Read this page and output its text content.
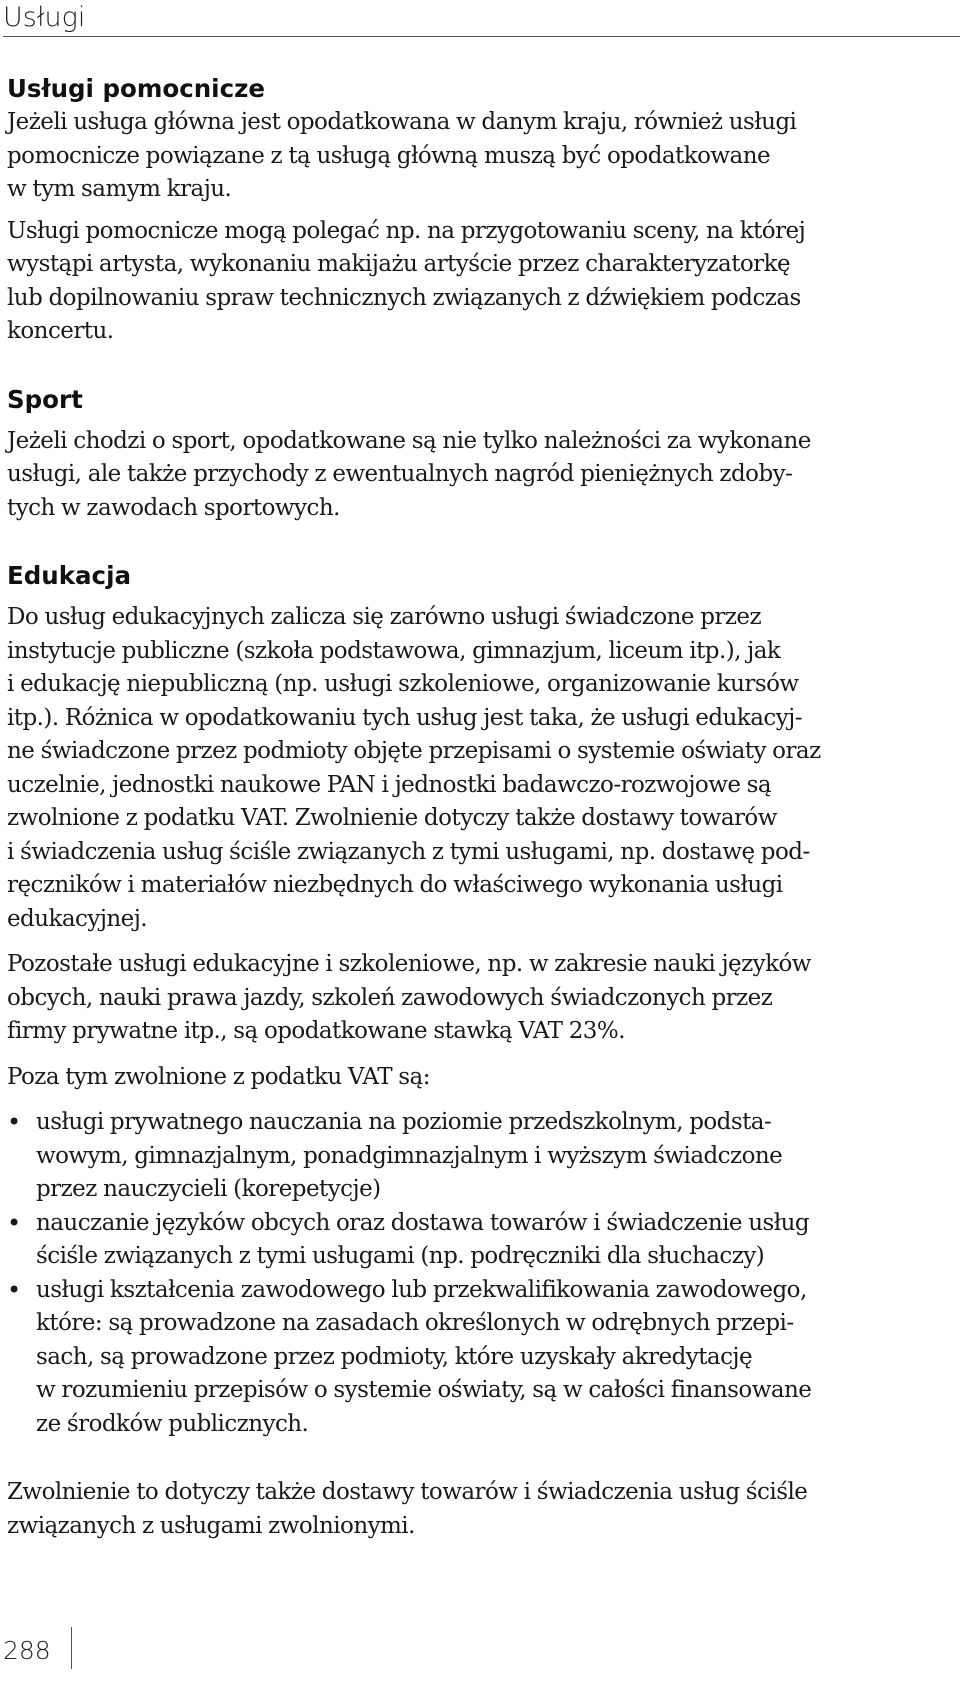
Usługi
Usługi pomocnicze

Jeżeli usługa główna jest opodatkowana w danym kraju, również usługi
pomocnicze powiązane z tą usługą główną muszą być opodatkowane
w tym samym kraju.

Usługi pomocnicze mogą polegać np. na przygotowaniu sceny, na której
wystąpi artysta, wykonaniu makijażu artyście przez charakteryzatorkę
lub dopilnowaniu spraw technicznych związanych z dźwiękiem podczas
koncertu.

Sport

Jeżeli chodzi o sport, opodatkowane są nie tylko należności za wykonane
usługi, ale także przychody z ewentualnych nagród pieniężnych zdoby-
tych w zawodach sportowych.

Edukacja

Do usług edukacyjnych zalicza się zarówno usługi świadczone przez
instytucje publiczne (szkoła podstawowa, gimnazjum, liceum itp.), jak
i edukację niepubliczną (np. usługi szkoleniowe, organizowanie kursów
itp.). Różnica w opodatkowaniu tych usług jest taka, że usługi edukacyj-
ne świadczone przez podmioty objęte przepisami o systemie oświaty oraz
uczelnie, jednostki naukowe PAN i jednostki badawczo-rozwojowe są
zwolnione z podatku VAT. Zwolnienie dotyczy także dostawy towarów
i świadczenia usług ściśle związanych z tymi usługami, np. dostawę pod-
ręczników i materiałów niezbędnych do właściwego wykonania usługi
edukacyjnej.

Pozostałe usługi edukacyjne i szkoleniowe, np. w zakresie nauki języków
obcych, nauki prawa jazdy, szkoleń zawodowych świadczonych przez
firmy prywatne itp., są opodatkowane stawką VAT 23%.

Poza tym zwolnione z podatku VAT są:

• usługi prywatnego nauczania na poziomie przedszkolnym, podsta-
wowym, gimnazjalnym, ponadgimnazjalnym i wyższym świadczone
przez nauczycieli (korepetycje)
• nauczanie języków obcych oraz dostawa towarów i świadczenie usług
ściśle związanych z tymi usługami (np. podręczniki dla słuchaczy)
• usługi kształcenia zawodowego lub przekwalifikowania zawodowego,
które: są prowadzone na zasadach określonych w odrębnych przepi-
sach, są prowadzone przez podmioty, które uzyskały akredytację
w rozumieniu przepisów o systemie oświaty, są w całości finansowane
ze środków publicznych.

Zwolnienie to dotyczy także dostawy towarów i świadczenia usług ściśle
związanych z usługami zwolnionymi.

288
